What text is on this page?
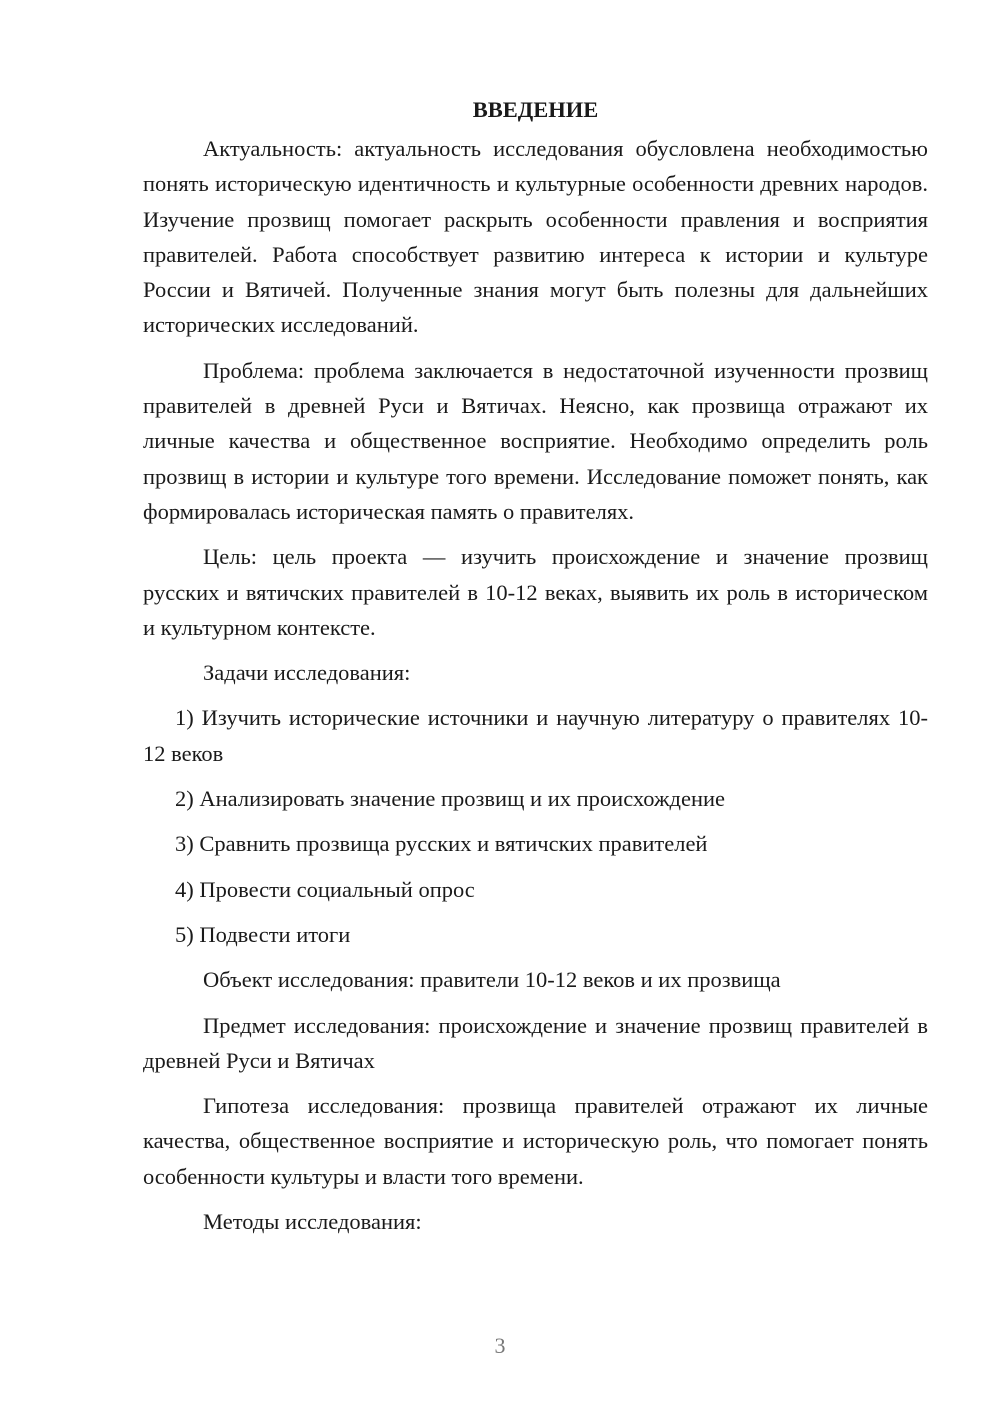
ВВЕДЕНИЕ

Актуальность: актуальность исследования обусловлена необходимостью понять историческую идентичность и культурные особенности древних народов. Изучение прозвищ помогает раскрыть особенности правления и восприятия правителей. Работа способствует развитию интереса к истории и культуре России и Вятичей. Полученные знания могут быть полезны для дальнейших исторических исследований.

Проблема: проблема заключается в недостаточной изученности прозвищ правителей в древней Руси и Вятичах. Неясно, как прозвища отражают их личные качества и общественное восприятие. Необходимо определить роль прозвищ в истории и культуре того времени. Исследование поможет понять, как формировалась историческая память о правителях.

Цель: цель проекта — изучить происхождение и значение прозвищ русских и вятичских правителей в 10-12 веках, выявить их роль в историческом и культурном контексте.

Задачи исследования:

1) Изучить исторические источники и научную литературу о правителях 10-12 веков

2) Анализировать значение прозвищ и их происхождение

3) Сравнить прозвища русских и вятичских правителей

4) Провести социальный опрос

5) Подвести итоги

Объект исследования: правители 10-12 веков и их прозвища

Предмет исследования: происхождение и значение прозвищ правителей в древней Руси и Вятичах

Гипотеза исследования: прозвища правителей отражают их личные качества, общественное восприятие и историческую роль, что помогает понять особенности культуры и власти того времени.

Методы исследования:

3
